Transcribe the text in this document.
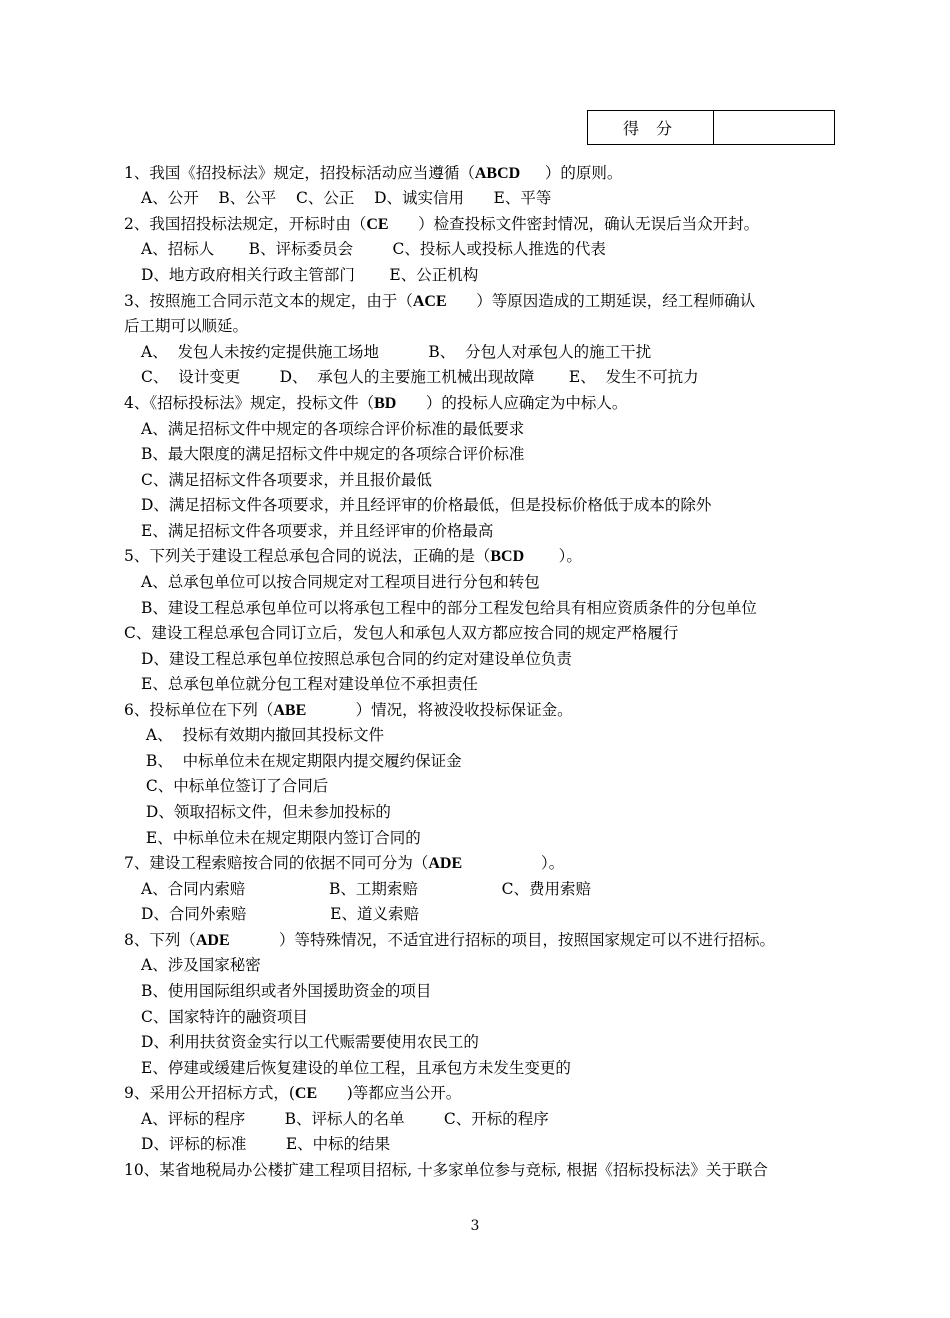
得 分
1、我国《招投标法》规定，招投标活动应当遵循（ABCD ）的原则。
A、公开    B、公平    C、公正    D、诚实信用      E、平等
2、我国招投标法规定，开标时由（CE ）检查投标文件密封情况，确认无误后当众开封。
A、招标人       B、评标委员会        C、投标人或投标人推选的代表
D、地方政府相关行政主管部门       E、公正机构
3、按照施工合同示范文本的规定，由于（ACE ）等原因造成的工期延误，经工程师确认
后工期可以顺延。
A、  发包人未按约定提供施工场地          B、  分包人对承包人的施工干扰
C、  设计变更        D、  承包人的主要施工机械出现故障       E、  发生不可抗力
4、《招标投标法》规定，投标文件（BD ）的投标人应确定为中标人。
A、满足招标文件中规定的各项综合评价标准的最低要求
B、最大限度的满足招标文件中规定的各项综合评价标准
C、满足招标文件各项要求，并且报价最低
D、满足招标文件各项要求，并且经评审的价格最低，但是投标价格低于成本的除外
E、满足招标文件各项要求，并且经评审的价格最高
5、下列关于建设工程总承包合同的说法，正确的是（BCD ）。
A、总承包单位可以按合同规定对工程项目进行分包和转包
B、建设工程总承包单位可以将承包工程中的部分工程发包给具有相应资质条件的分包单位
C、建设工程总承包合同订立后，发包人和承包人双方都应按合同的规定严格履行
D、建设工程总承包单位按照总承包合同的约定对建设单位负责
E、总承包单位就分包工程对建设单位不承担责任
6、投标单位在下列（ABE	）情况，将被没收投标保证金。
A、  投标有效期内撤回其投标文件
B、  中标单位未在规定期限内提交履约保证金
C、中标单位签订了合同后
D、领取招标文件，但未参加投标的
E、中标单位未在规定期限内签订合同的
7、建设工程索赔按合同的依据不同可分为（ADE	）。
A、合同内索赔                 B、工期索赔                 C、费用索赔
D、合同外索赔                 E、道义索赔
8、下列（ADE	）等特殊情况，不适宜进行招标的项目，按照国家规定可以不进行招标。
A、涉及国家秘密
B、使用国际组织或者外国援助资金的项目
C、国家特许的融资项目
D、利用扶贫资金实行以工代赈需要使用农民工的
E、停建或缓建后恢复建设的单位工程，且承包方未发生变更的
9、采用公开招标方式，(CE )等都应当公开。
A、评标的程序        B、评标人的名单        C、开标的程序
D、评标的标准        E、中标的结果
10、某省地税局办公楼扩建工程项目招标, 十多家单位参与竞标, 根据《招标投标法》关于联合
3
